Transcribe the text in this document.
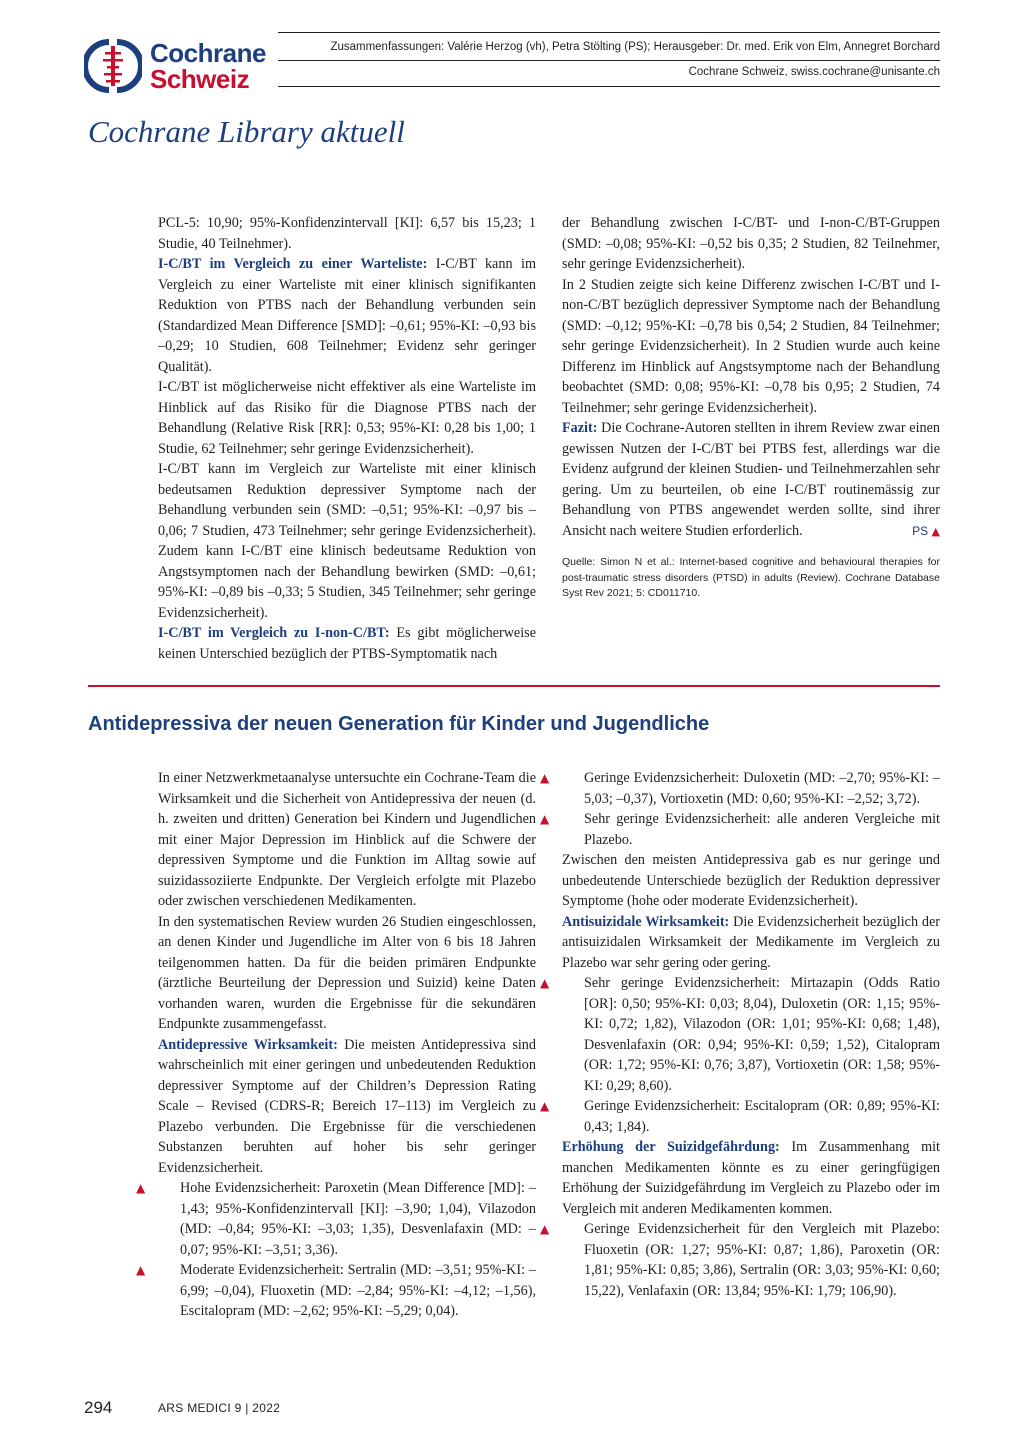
Cochrane
Schweiz
Zusammenfassungen: Valérie Herzog (vh), Petra Stölting (PS); Herausgeber: Dr. med. Erik von Elm, Annegret Borchard
Cochrane Schweiz, swiss.cochrane@unisante.ch
Cochrane Library aktuell

PCL-5: 10,90; 95%-Konfidenzintervall [KI]: 6,57 bis 15,23; 1 Studie, 40 Teilnehmer).

I-C/BT im Vergleich zu einer Warteliste: I-C/BT kann im Vergleich zu einer Warteliste mit einer klinisch signifikanten Reduktion von PTBS nach der Behandlung verbunden sein (Standardized Mean Difference [SMD]: –0,61; 95%-KI: –0,93 bis –0,29; 10 Studien, 608 Teilnehmer; Evidenz sehr geringer Qualität).

I-C/BT ist möglicherweise nicht effektiver als eine Warteliste im Hinblick auf das Risiko für die Diagnose PTBS nach der Behandlung (Relative Risk [RR]: 0,53; 95%-KI: 0,28 bis 1,00; 1 Studie, 62 Teilnehmer; sehr geringe Evidenzsicherheit).

I-C/BT kann im Vergleich zur Warteliste mit einer klinisch bedeutsamen Reduktion depressiver Symptome nach der Behandlung verbunden sein (SMD: –0,51; 95%-KI: –0,97 bis –0,06; 7 Studien, 473 Teilnehmer; sehr geringe Evidenzsicherheit). Zudem kann I-C/BT eine klinisch bedeutsame Reduktion von Angstsymptomen nach der Behandlung bewirken (SMD: –0,61; 95%-KI: –0,89 bis –0,33; 5 Studien, 345 Teilnehmer; sehr geringe Evidenzsicherheit).

I-C/BT im Vergleich zu I-non-C/BT: Es gibt möglicherweise keinen Unterschied bezüglich der PTBS-Symptomatik nach

der Behandlung zwischen I-C/BT- und I-non-C/BT-Gruppen (SMD: –0,08; 95%-KI: –0,52 bis 0,35; 2 Studien, 82 Teilnehmer, sehr geringe Evidenzsicherheit).

In 2 Studien zeigte sich keine Differenz zwischen I-C/BT und I-non-C/BT bezüglich depressiver Symptome nach der Behandlung (SMD: –0,12; 95%-KI: –0,78 bis 0,54; 2 Studien, 84 Teilnehmer; sehr geringe Evidenzsicherheit). In 2 Studien wurde auch keine Differenz im Hinblick auf Angstsymptome nach der Behandlung beobachtet (SMD: 0,08; 95%-KI: –0,78 bis 0,95; 2 Studien, 74 Teilnehmer; sehr geringe Evidenzsicherheit).

Fazit: Die Cochrane-Autoren stellten in ihrem Review zwar einen gewissen Nutzen der I-C/BT bei PTBS fest, allerdings war die Evidenz aufgrund der kleinen Studien- und Teilnehmerzahlen sehr gering. Um zu beurteilen, ob eine I-C/BT routinemässig zur Behandlung von PTBS angewendet werden sollte, sind ihrer Ansicht nach weitere Studien erforderlich.	PS ▲

Quelle: Simon N et al.: Internet-based cognitive and behavioural therapies for post-traumatic stress disorders (PTSD) in adults (Review). Cochrane Database Syst Rev 2021; 5: CD011710.

Antidepressiva der neuen Generation für Kinder und Jugendliche

In einer Netzwerkmetaanalyse untersuchte ein Cochrane-Team die Wirksamkeit und die Sicherheit von Antidepressiva der neuen (d. h. zweiten und dritten) Generation bei Kindern und Jugendlichen mit einer Major Depression im Hinblick auf die Schwere der depressiven Symptome und die Funktion im Alltag sowie auf suizidassoziierte Endpunkte. Der Vergleich erfolgte mit Plazebo oder zwischen verschiedenen Medikamenten.

In den systematischen Review wurden 26 Studien eingeschlossen, an denen Kinder und Jugendliche im Alter von 6 bis 18 Jahren teilgenommen hatten. Da für die beiden primären Endpunkte (ärztliche Beurteilung der Depression und Suizid) keine Daten vorhanden waren, wurden die Ergebnisse für die sekundären Endpunkte zusammengefasst.

Antidepressive Wirksamkeit: Die meisten Antidepressiva sind wahrscheinlich mit einer geringen und unbedeutenden Reduktion depressiver Symptome auf der Children’s Depression Rating Scale – Revised (CDRS-R; Bereich 17–113) im Vergleich zu Plazebo verbunden. Die Ergebnisse für die verschiedenen Substanzen beruhten auf hoher bis sehr geringer Evidenzsicherheit.

▲ Hohe Evidenzsicherheit: Paroxetin (Mean Difference [MD]: –1,43; 95%-Konfidenzintervall [KI]: –3,90; 1,04), Vilazodon (MD: –0,84; 95%-KI: –3,03; 1,35), Desvenlafaxin (MD: –0,07; 95%-KI: –3,51; 3,36).

▲ Moderate Evidenzsicherheit: Sertralin (MD: –3,51; 95%-KI: –6,99; –0,04), Fluoxetin (MD: –2,84; 95%-KI: –4,12; –1,56), Escitalopram (MD: –2,62; 95%-KI: –5,29; 0,04).

▲ Geringe Evidenzsicherheit: Duloxetin (MD: –2,70; 95%-KI: –5,03; –0,37), Vortioxetin (MD: 0,60; 95%-KI: –2,52; 3,72).

▲ Sehr geringe Evidenzsicherheit: alle anderen Vergleiche mit Plazebo.

Zwischen den meisten Antidepressiva gab es nur geringe und unbedeutende Unterschiede bezüglich der Reduktion depressiver Symptome (hohe oder moderate Evidenzsicherheit).

Antisuizidale Wirksamkeit: Die Evidenzsicherheit bezüglich der antisuizidalen Wirksamkeit der Medikamente im Vergleich zu Plazebo war sehr gering oder gering.

▲ Sehr geringe Evidenzsicherheit: Mirtazapin (Odds Ratio [OR]: 0,50; 95%-KI: 0,03; 8,04), Duloxetin (OR: 1,15; 95%-KI: 0,72; 1,82), Vilazodon (OR: 1,01; 95%-KI: 0,68; 1,48), Desvenlafaxin (OR: 0,94; 95%-KI: 0,59; 1,52), Citalopram (OR: 1,72; 95%-KI: 0,76; 3,87), Vortioxetin (OR: 1,58; 95%-KI: 0,29; 8,60).

▲ Geringe Evidenzsicherheit: Escitalopram (OR: 0,89; 95%-KI: 0,43; 1,84).

Erhöhung der Suizidgefährdung: Im Zusammenhang mit manchen Medikamenten könnte es zu einer geringfügigen Erhöhung der Suizidgefährdung im Vergleich zu Plazebo oder im Vergleich mit anderen Medikamenten kommen.

▲ Geringe Evidenzsicherheit für den Vergleich mit Plazebo: Fluoxetin (OR: 1,27; 95%-KI: 0,87; 1,86), Paroxetin (OR: 1,81; 95%-KI: 0,85; 3,86), Sertralin (OR: 3,03; 95%-KI: 0,60; 15,22), Venlafaxin (OR: 13,84; 95%-KI: 1,79; 106,90).

294	ARS MEDICI 9 | 2022
